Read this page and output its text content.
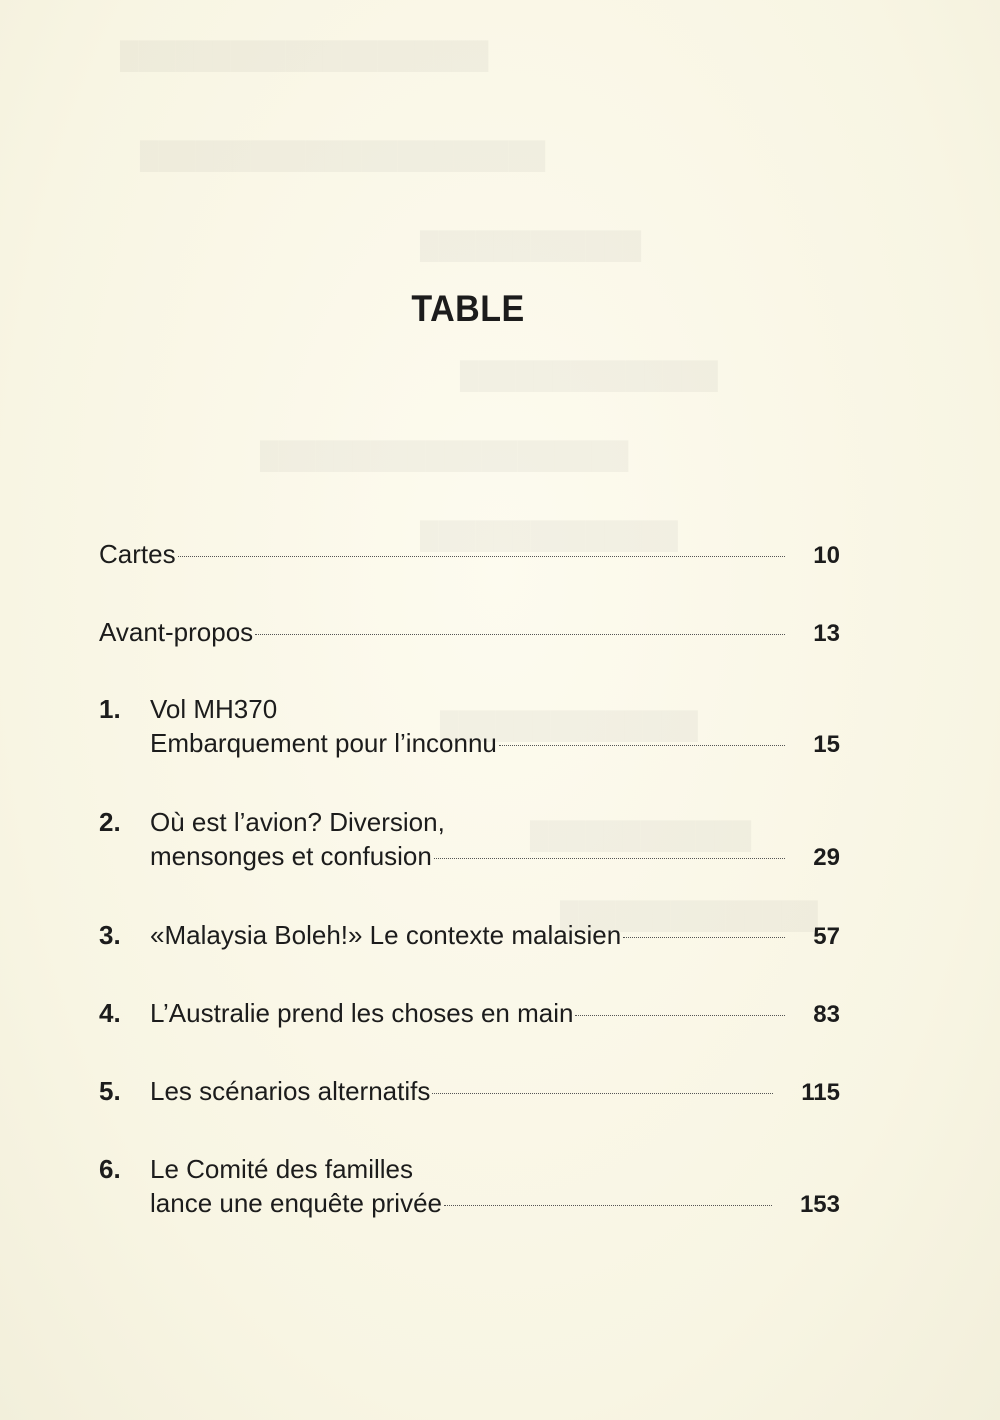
████████████████████
██████████████████████
████████████
██████████████
████████████████████
██████████████
██████████████
████████████
██████████████
TABLE
Cartes	10
Avant-propos	13
1. Vol MH370
Embarquement pour l’inconnu	15
2. Où est l’avion? Diversion,
mensonges et confusion	29
3.	«Malaysia Boleh!» Le contexte malaisien	57
4.	L’Australie prend les choses en main	83
5.	Les scénarios alternatifs	115
6. Le Comité des familles
lance une enquête privée	153
